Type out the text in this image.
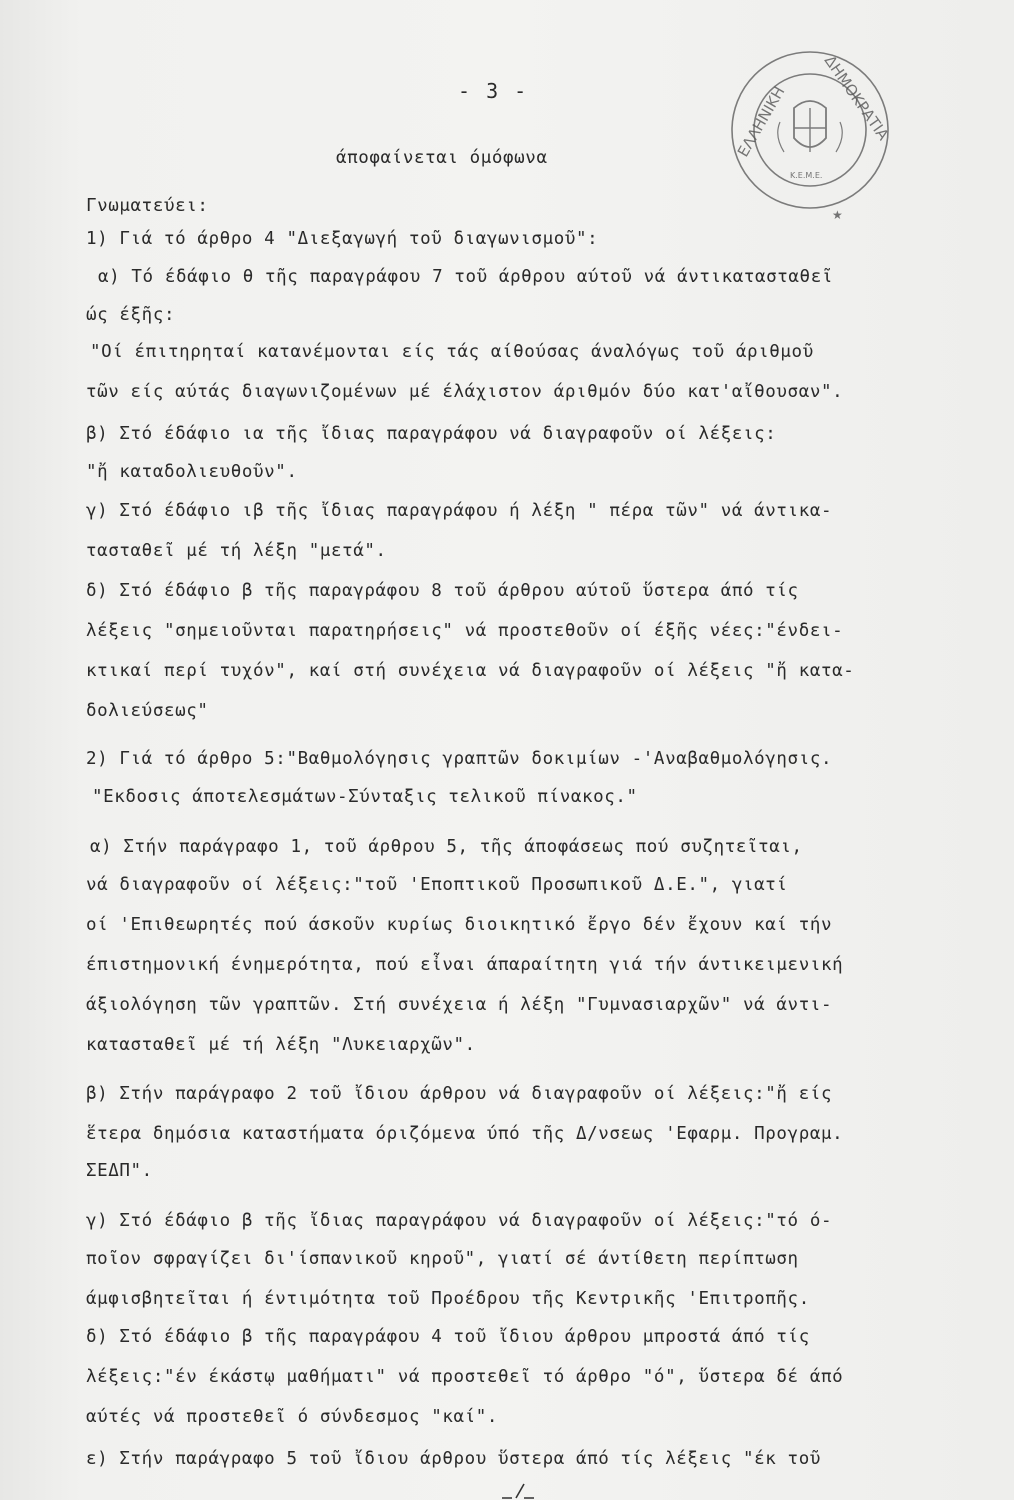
- 3 -	ΕΛΛΗΝΙΚΗ ΔΗΜΟΚΡΑΤΙΑ
Κ.Ε.Μ.Ε.
★
άποφαίνεται όμόφωνα
Γνωματεύει:
1) Γιά τό άρθρο 4 "Διεξαγωγή τοῦ διαγωνισμοῦ":
α) Τό έδάφιο θ τῆς παραγράφου 7 τοῦ άρθρου αύτοῦ νά άντικατασταθεῖ
ώς έξῆς:
"Οί έπιτηρηταί κατανέμονται είς τάς αίθούσας άναλόγως τοῦ άριθμοῦ
τῶν είς αύτάς διαγωνιζομένων μέ έλάχιστον άριθμόν δύο κατ'αἴθουσαν".
β) Στό έδάφιο ια τῆς ἴδιας παραγράφου νά διαγραφοῦν οί λέξεις:
"ἤ καταδολιευθοῦν".
γ) Στό έδάφιο ιβ τῆς ἴδιας παραγράφου ή λέξη " πέρα τῶν" νά άντικα-
τασταθεῖ μέ τή λέξη "μετά".
δ) Στό έδάφιο β τῆς παραγράφου 8 τοῦ άρθρου αύτοῦ ὕστερα άπό τίς
λέξεις "σημειοῦνται παρατηρήσεις" νά προστεθοῦν οί έξῆς νέες:"ένδει-
κτικαί περί τυχόν", καί στή συνέχεια νά διαγραφοῦν οί λέξεις "ἤ κατα-
δολιεύσεως"
2) Γιά τό άρθρο 5:"Βαθμολόγησις γραπτῶν δοκιμίων -'Αναβαθμολόγησις.
"Εκδοσις άποτελεσμάτων-Σύνταξις τελικοῦ πίνακος."
α) Στήν παράγραφο 1, τοῦ άρθρου 5, τῆς άποφάσεως πού συζητεῖται,
νά διαγραφοῦν οί λέξεις:"τοῦ 'Εποπτικοῦ Προσωπικοῦ Δ.Ε.", γιατί
οί 'Επιθεωρητές πού άσκοῦν κυρίως διοικητικό ἔργο δέν ἔχουν καί τήν
έπιστημονική ένημερότητα, πού εἶναι άπαραίτητη γιά τήν άντικειμενική
άξιολόγηση τῶν γραπτῶν. Στή συνέχεια ή λέξη "Γυμνασιαρχῶν" νά άντι-
κατασταθεῖ μέ τή λέξη "Λυκειαρχῶν".
β) Στήν παράγραφο 2 τοῦ ἴδιου άρθρου νά διαγραφοῦν οί λέξεις:"ἤ είς
ἕτερα δημόσια καταστήματα όριζόμενα ύπό τῆς Δ/νσεως 'Εφαρμ. Προγραμ.
ΣΕΔΠ".
γ) Στό έδάφιο β τῆς ἴδιας παραγράφου νά διαγραφοῦν οί λέξεις:"τό ό-
ποῖον σφραγίζει δι'ίσπανικοῦ κηροῦ", γιατί σέ άντίθετη περίπτωση
άμφισβητεῖται ή έντιμότητα τοῦ Προέδρου τῆς Κεντρικῆς 'Επιτροπῆς.
δ) Στό έδάφιο β τῆς παραγράφου 4 τοῦ ἴδιου άρθρου μπροστά άπό τίς
λέξεις:"έν έκάστῳ μαθήματι" νά προστεθεῖ τό άρθρο "ό", ὕστερα δέ άπό
αύτές νά προστεθεῖ ό σύνδεσμος "καί".
ε) Στήν παράγραφο 5 τοῦ ἴδιου άρθρου ὕστερα άπό τίς λέξεις "έκ τοῦ
